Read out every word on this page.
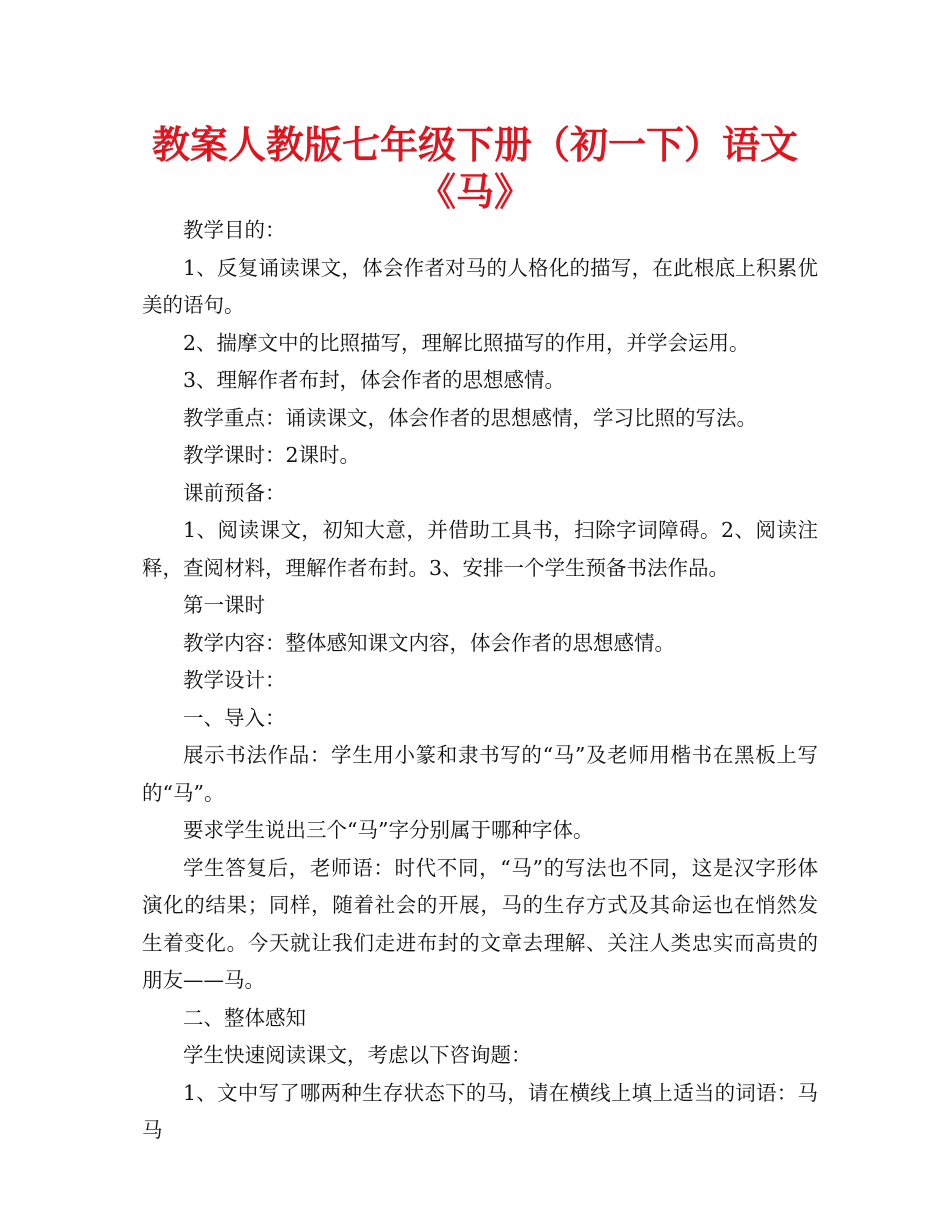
教案人教版七年级下册（初一下）语文
《马》

教学目的：

1、反复诵读课文，体会作者对马的人格化的描写，在此根底上积累优美的语句。

2、揣摩文中的比照描写，理解比照描写的作用，并学会运用。

3、理解作者布封，体会作者的思想感情。

教学重点：诵读课文，体会作者的思想感情，学习比照的写法。

教学课时：2课时。

课前预备：

1、阅读课文，初知大意，并借助工具书，扫除字词障碍。2、阅读注释，查阅材料，理解作者布封。3、安排一个学生预备书法作品。

第一课时

教学内容：整体感知课文内容，体会作者的思想感情。

教学设计：

一、导入：

展示书法作品：学生用小篆和隶书写的“马”及老师用楷书在黑板上写的“马”。

要求学生说出三个“马”字分别属于哪种字体。

学生答复后，老师语：时代不同，“马”的写法也不同，这是汉字形体演化的结果；同样，随着社会的开展，马的生存方式及其命运也在悄然发生着变化。今天就让我们走进布封的文章去理解、关注人类忠实而高贵的朋友——马。

二、整体感知

学生快速阅读课文，考虑以下咨询题：

1、文中写了哪两种生存状态下的马，请在横线上填上适当的词语：马马
